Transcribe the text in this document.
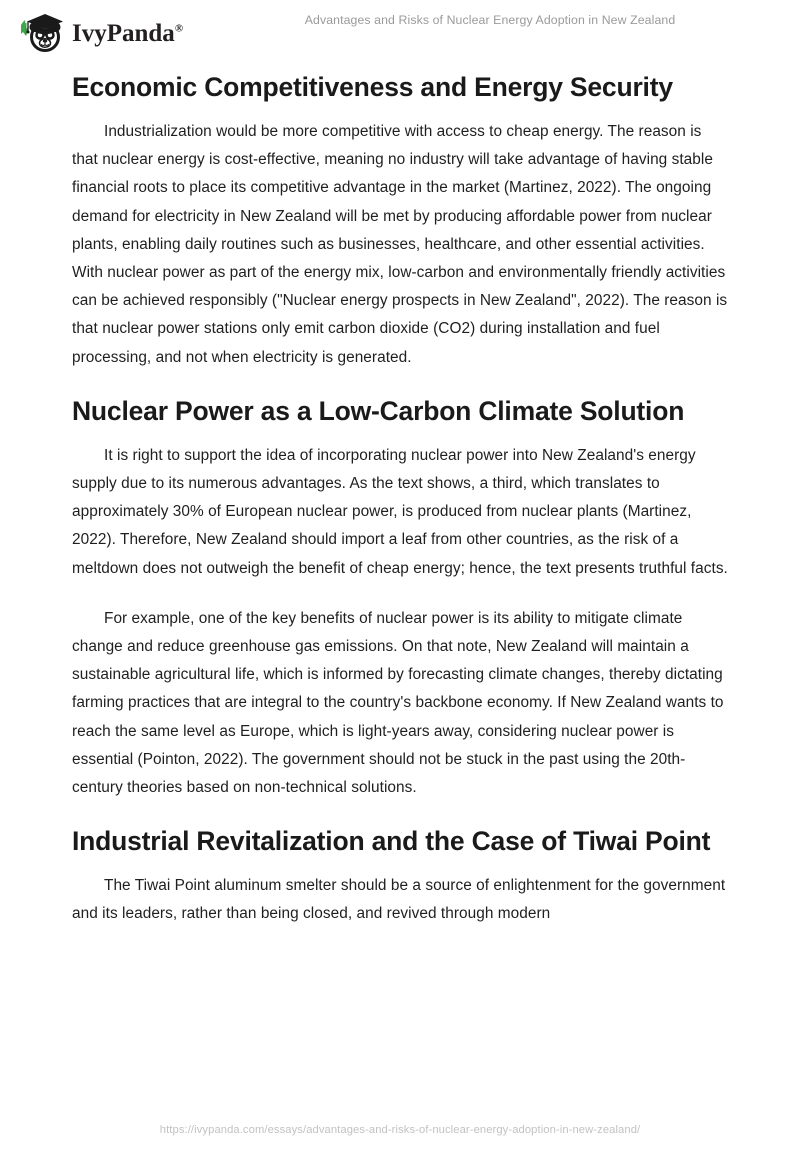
IvyPanda®
Advantages and Risks of Nuclear Energy Adoption in New Zealand
Economic Competitiveness and Energy Security

Industrialization would be more competitive with access to cheap energy. The reason is that nuclear energy is cost-effective, meaning no industry will take advantage of having stable financial roots to place its competitive advantage in the market (Martinez, 2022). The ongoing demand for electricity in New Zealand will be met by producing affordable power from nuclear plants, enabling daily routines such as businesses, healthcare, and other essential activities. With nuclear power as part of the energy mix, low-carbon and environmentally friendly activities can be achieved responsibly ("Nuclear energy prospects in New Zealand", 2022). The reason is that nuclear power stations only emit carbon dioxide (CO2) during installation and fuel processing, and not when electricity is generated.

Nuclear Power as a Low-Carbon Climate Solution

It is right to support the idea of incorporating nuclear power into New Zealand's energy supply due to its numerous advantages. As the text shows, a third, which translates to approximately 30% of European nuclear power, is produced from nuclear plants (Martinez, 2022). Therefore, New Zealand should import a leaf from other countries, as the risk of a meltdown does not outweigh the benefit of cheap energy; hence, the text presents truthful facts.

For example, one of the key benefits of nuclear power is its ability to mitigate climate change and reduce greenhouse gas emissions. On that note, New Zealand will maintain a sustainable agricultural life, which is informed by forecasting climate changes, thereby dictating farming practices that are integral to the country's backbone economy. If New Zealand wants to reach the same level as Europe, which is light-years away, considering nuclear power is essential (Pointon, 2022). The government should not be stuck in the past using the 20th-century theories based on non-technical solutions.

Industrial Revitalization and the Case of Tiwai Point

The Tiwai Point aluminum smelter should be a source of enlightenment for the government and its leaders, rather than being closed, and revived through modern

https://ivypanda.com/essays/advantages-and-risks-of-nuclear-energy-adoption-in-new-zealand/
